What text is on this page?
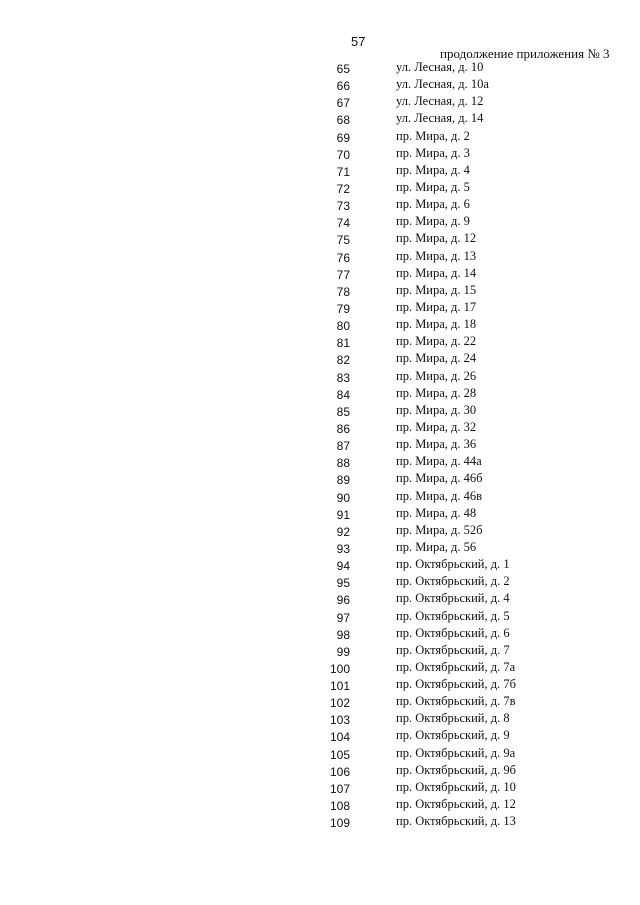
57
продолжение приложения № 3
65	ул. Лесная, д. 10
66	ул. Лесная, д. 10а
67	ул. Лесная, д. 12
68	ул. Лесная, д. 14
69	пр. Мира, д. 2
70	пр. Мира, д. 3
71	пр. Мира, д. 4
72	пр. Мира, д. 5
73	пр. Мира, д. 6
74	пр. Мира, д. 9
75	пр. Мира, д. 12
76	пр. Мира, д. 13
77	пр. Мира, д. 14
78	пр. Мира, д. 15
79	пр. Мира, д. 17
80	пр. Мира, д. 18
81	пр. Мира, д. 22
82	пр. Мира, д. 24
83	пр. Мира, д. 26
84	пр. Мира, д. 28
85	пр. Мира, д. 30
86	пр. Мира, д. 32
87	пр. Мира, д. 36
88	пр. Мира, д. 44а
89	пр. Мира, д. 46б
90	пр. Мира, д. 46в
91	пр. Мира, д. 48
92	пр. Мира, д. 52б
93	пр. Мира, д. 56
94	пр. Октябрьский, д. 1
95	пр. Октябрьский, д. 2
96	пр. Октябрьский, д. 4
97	пр. Октябрьский, д. 5
98	пр. Октябрьский, д. 6
99	пр. Октябрьский, д. 7
100	пр. Октябрьский, д. 7а
101	пр. Октябрьский, д. 7б
102	пр. Октябрьский, д. 7в
103	пр. Октябрьский, д. 8
104	пр. Октябрьский, д. 9
105	пр. Октябрьский, д. 9а
106	пр. Октябрьский, д. 9б
107	пр. Октябрьский, д. 10
108	пр. Октябрьский, д. 12
109	пр. Октябрьский, д. 13
